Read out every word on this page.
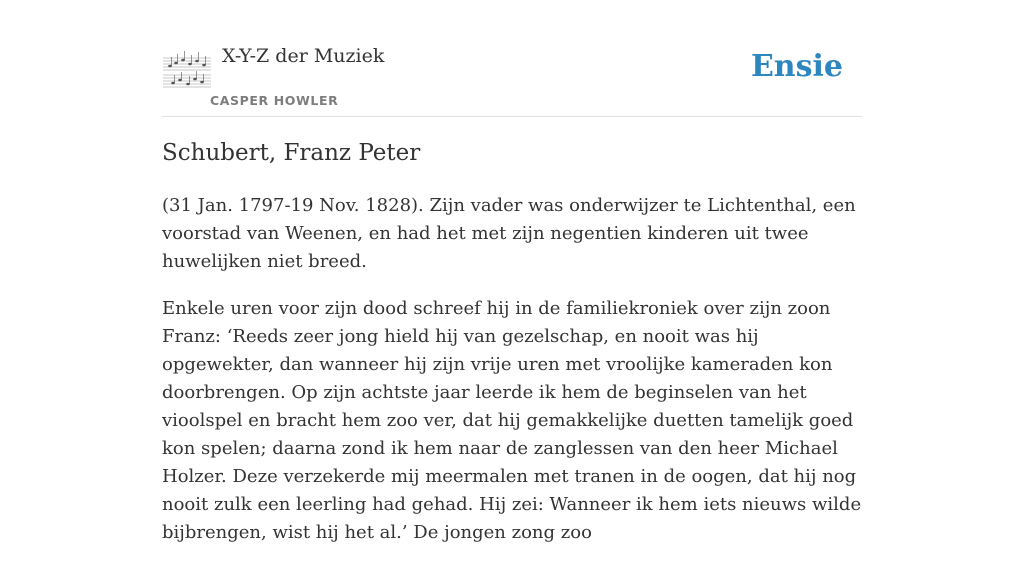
X-Y-Z der Muziek
CASPER HOWLER
Ensie
Schubert, Franz Peter

(31 Jan. 1797-19 Nov. 1828). Zijn vader was onderwijzer te Lichtenthal, een voorstad van Weenen, en had het met zijn negentien kinderen uit twee huwelijken niet breed.

Enkele uren voor zijn dood schreef hij in de familiekroniek over zijn zoon Franz: ‘Reeds zeer jong hield hij van gezelschap, en nooit was hij opgewekter, dan wanneer hij zijn vrije uren met vroolijke kameraden kon doorbrengen. Op zijn achtste jaar leerde ik hem de beginselen van het vioolspel en bracht hem zoo ver, dat hij gemakkelijke duetten tamelijk goed kon spelen; daarna zond ik hem naar de zanglessen van den heer Michael Holzer. Deze verzekerde mij meermalen met tranen in de oogen, dat hij nog nooit zulk een leerling had gehad. Hij zei: Wanneer ik hem iets nieuws wilde bijbrengen, wist hij het al.’ De jongen zong zoo
